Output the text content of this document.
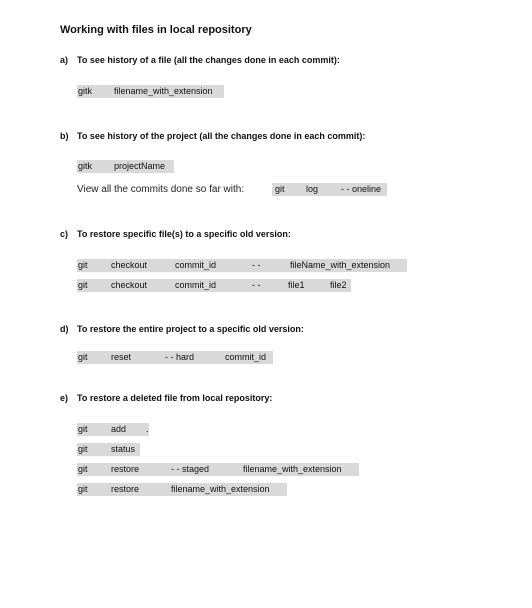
Working with files in local repository
a) To see history of a file (all the changes done in each commit):
gitk filename_with_extension
b) To see history of the project (all the changes done in each commit):
gitk projectName
View all the commits done so far with:	git log	- - oneline
c) To restore specific file(s) to a specific old version:
git	checkout	commit_id	- -	fileName_with_extension
git	checkout	commit_id	- -	file1	file2
d) To restore the entire project to a specific old version:
git	reset	- - hard	commit_id
e) To restore a deleted file from local repository:
git	add .
git	status
git	restore	- - staged	filename_with_extension
git	restore	filename_with_extension
